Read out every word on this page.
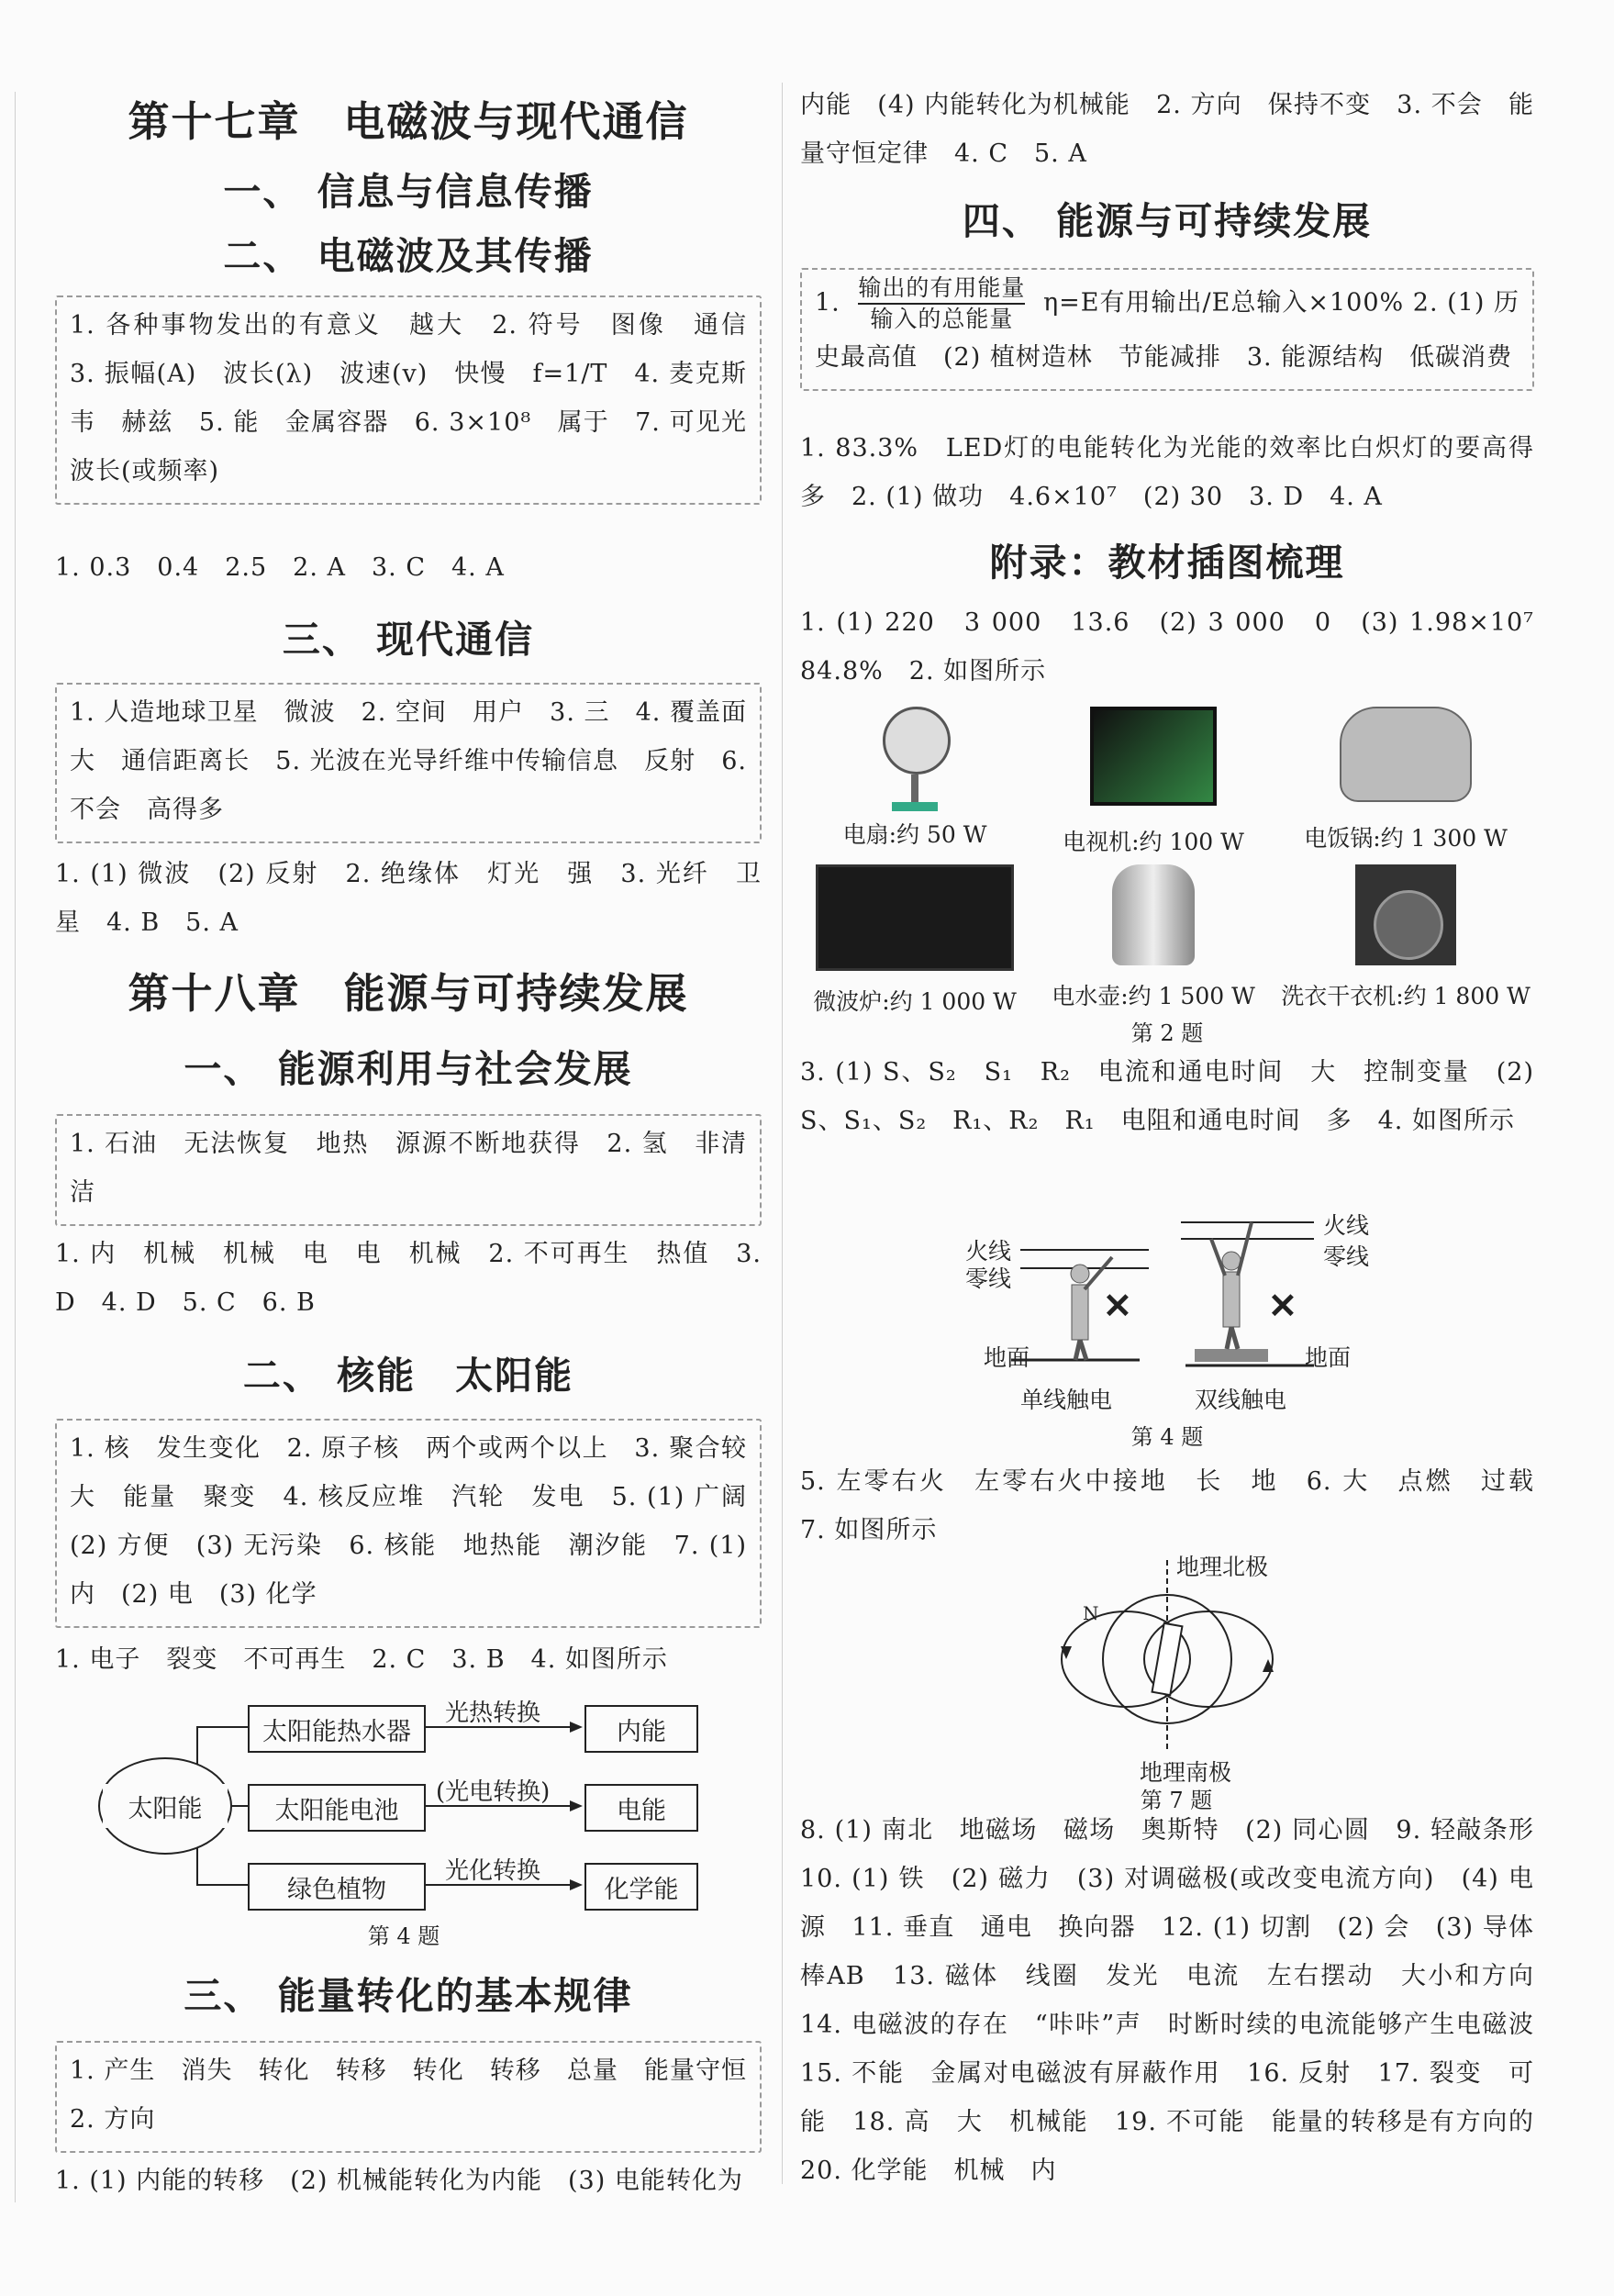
第十七章　电磁波与现代通信
一、 信息与信息传播
二、 电磁波及其传播
1. 各种事物发出的有意义　越大　2. 符号　图像　通信　3. 振幅(A)　波长(λ)　波速(v)　快慢　f=1/T　4. 麦克斯韦　赫兹　5. 能　金属容器　6. 3×10⁸　属于　7. 可见光　波长(或频率)
1. 0.3　0.4　2.5　2. A　3. C　4. A
三、 现代通信
1. 人造地球卫星　微波　2. 空间　用户　3. 三　4. 覆盖面大　通信距离长　5. 光波在光导纤维中传输信息　反射　6. 不会　高得多
1. (1) 微波　(2) 反射　2. 绝缘体　灯光　强　3. 光纤　卫星　4. B　5. A
第十八章　能源与可持续发展
一、 能源利用与社会发展
1. 石油　无法恢复　地热　源源不断地获得　2. 氢　非清洁
1. 内　机械　机械　电　电　机械　2. 不可再生　热值　3. D　4. D　5. C　6. B
二、 核能　太阳能
1. 核　发生变化　2. 原子核　两个或两个以上　3. 聚合较大　能量　聚变　4. 核反应堆　汽轮　发电　5. (1) 广阔　(2) 方便　(3) 无污染　6. 核能　地热能　潮汐能　7. (1) 内　(2) 电　(3) 化学
1. 电子　裂变　不可再生　2. C　3. B　4. 如图所示
太阳能
太阳能热水器
太阳能电池
绿色植物
光热转换
(光电转换)
光化转换
内能
电能
化学能
第 4 题
三、 能量转化的基本规律
1. 产生　消失　转化　转移　转化　转移　总量　能量守恒　2. 方向
1. (1) 内能的转移　(2) 机械能转化为内能　(3) 电能转化为
内能　(4) 内能转化为机械能　2. 方向　保持不变　3. 不会　能量守恒定律　4. C　5. A
四、 能源与可持续发展
1. $\frac{\text{输出的有用能量}}{\text{输入的总能量}} \eta=E$有用输出/E总输入×100% 2. (1) 历史最高值　(2) 植树造林　节能减排　3. 能源结构　低碳消费
1. 83.3%　LED灯的电能转化为光能的效率比白炽灯的要高得多　2. (1) 做功　4.6×10⁷　(2) 30　3. D　4. A
附录：教材插图梳理
1. (1) 220　3 000　13.6　(2) 3 000　0　(3) 1.98×10⁷　84.8%　2. 如图所示
电扇:约 50 W	电视机:约 100 W	电饭锅:约 1 300 W
微波炉:约 1 000 W	电水壶:约 1 500 W	洗衣干衣机:约 1 800 W
第 2 题
3. (1) S、S₂　S₁　R₂　电流和通电时间　大　控制变量　(2) S、S₁、S₂　R₁、R₂　R₁　电阻和通电时间　多　4. 如图所示
火线
零线
✕
地面
火线
零线
✕
地面
单线触电	双线触电
第 4 题
5. 左零右火　左零右火中接地　长　地　6. 大　点燃　过载　7. 如图所示
地理北极
地理南极
N
第 7 题
8. (1) 南北　地磁场　磁场　奥斯特　(2) 同心圆　9. 轻敲条形　10. (1) 铁　(2) 磁力　(3) 对调磁极(或改变电流方向)　(4) 电源　11. 垂直　通电　换向器　12. (1) 切割　(2) 会　(3) 导体棒AB　13. 磁体　线圈　发光　电流　左右摆动　大小和方向　14. 电磁波的存在　“咔咔”声　时断时续的电流能够产生电磁波　15. 不能　金属对电磁波有屏蔽作用　16. 反射　17. 裂变　可　能　18. 高　大　机械能　19. 不可能　能量的转移是有方向的　20. 化学能　机械　内
